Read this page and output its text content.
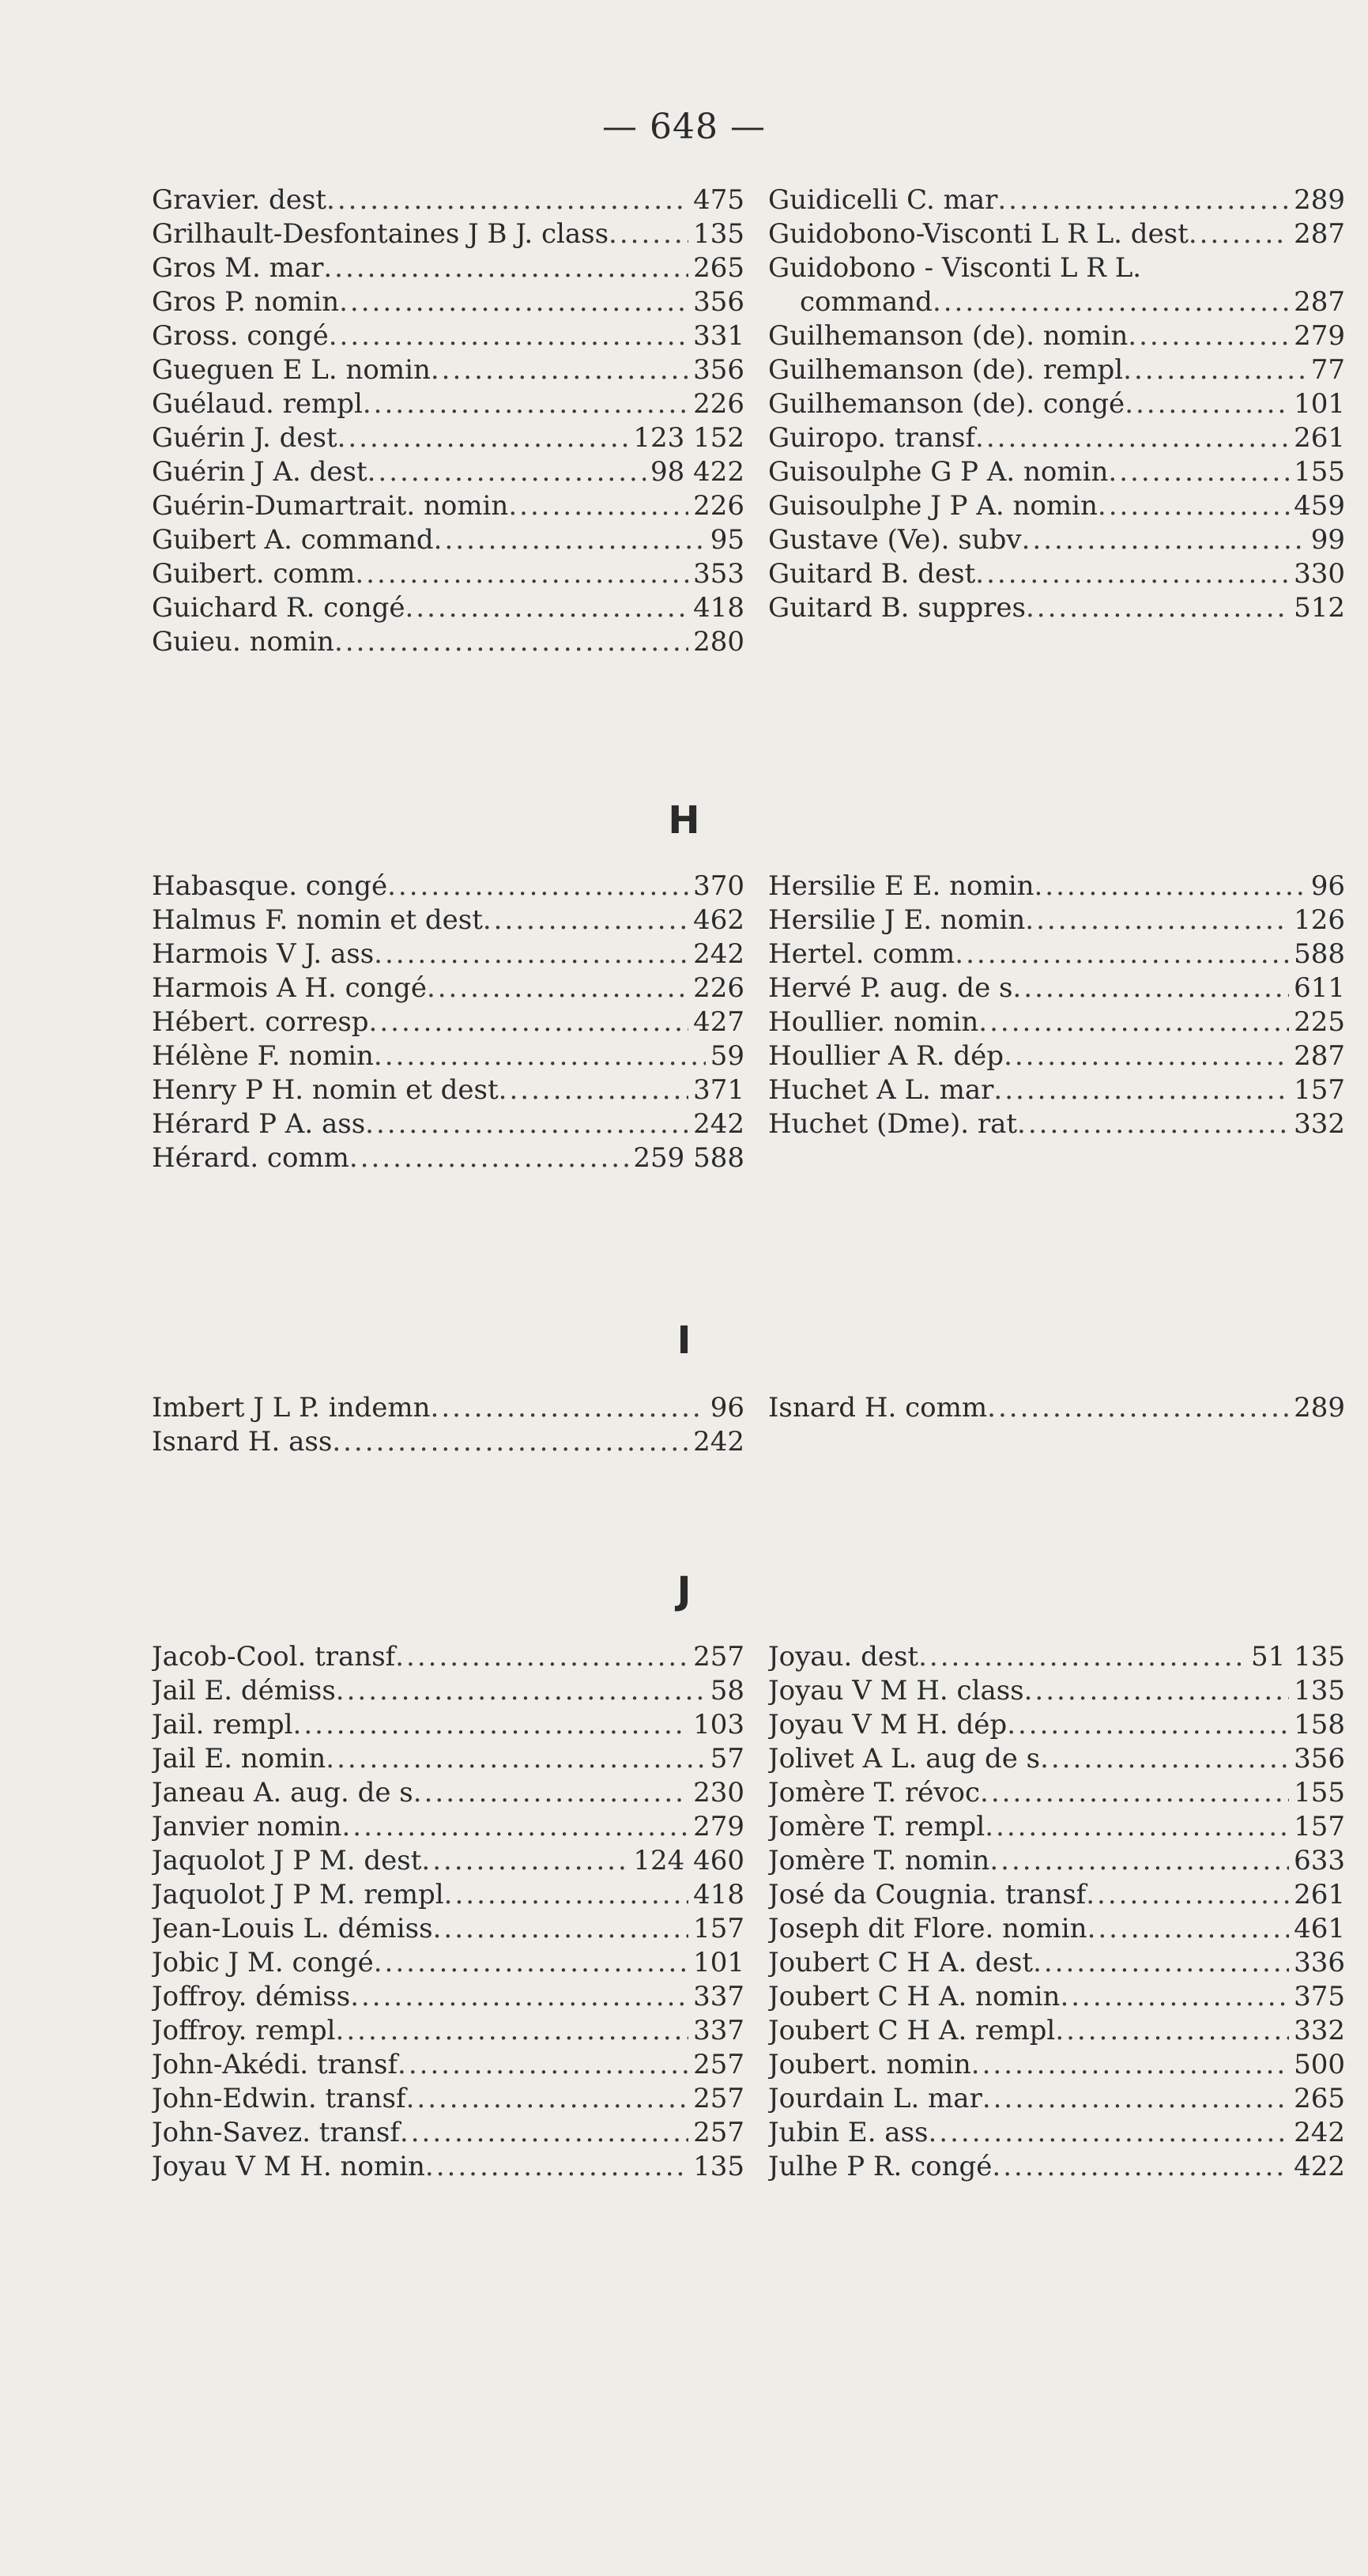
— 648 —
Gravier. dest .....	475
Grilhault-Desfontaines J B J. class .....	135
Gros M. mar .....	265
Gros P. nomin .....	356
Gross. congé .....	331
Gueguen E L. nomin .....	356
Guélaud. rempl .....	226
Guérin J. dest .....	123 152
Guérin J A. dest .....	98 422
Guérin-Dumartrait. nomin .....	226
Guibert A. command .....	95
Guibert. comm .....	353
Guichard R. congé .....	418
Guieu. nomin .....	280
Guidicelli C. mar .....	289
Guidobono-Visconti L R L. dest .....	287
Guidobono - Visconti L R L.
command .....	287
Guilhemanson (de). nomin .....	279
Guilhemanson (de). rempl .....	77
Guilhemanson (de). congé .....	101
Guiropo. transf .....	261
Guisoulphe G P A. nomin .....	155
Guisoulphe J P A. nomin .....	459
Gustave (Ve). subv .....	99
Guitard B. dest .....	330
Guitard B. suppres .....	512
H
Habasque. congé .....	370
Halmus F. nomin et dest .....	462
Harmois V J. ass .....	242
Harmois A H. congé .....	226
Hébert. corresp .....	427
Hélène F. nomin .....	59
Henry P H. nomin et dest .....	371
Hérard P A. ass .....	242
Hérard. comm .....	259 588
Hersilie E E. nomin .....	96
Hersilie J E. nomin .....	126
Hertel. comm .....	588
Hervé P. aug. de s .....	611
Houllier. nomin .....	225
Houllier A R. dép .....	287
Huchet A L. mar .....	157
Huchet (Dme). rat .....	332
I
Imbert J L P. indemn .....	96
Isnard H. ass .....	242
Isnard H. comm .....	289
J
Jacob-Cool. transf .....	257
Jail E. démiss .....	58
Jail. rempl .....	103
Jail E. nomin .....	57
Janeau A. aug. de s .....	230
Janvier nomin .....	279
Jaquolot J P M. dest .....	124 460
Jaquolot J P M. rempl .....	418
Jean-Louis L. démiss .....	157
Jobic J M. congé .....	101
Joffroy. démiss .....	337
Joffroy. rempl .....	337
John-Akédi. transf .....	257
John-Edwin. transf .....	257
John-Savez. transf .....	257
Joyau V M H. nomin .....	135
Joyau. dest .....	51 135
Joyau V M H. class .....	135
Joyau V M H. dép .....	158
Jolivet A L. aug de s .....	356
Jomère T. révoc .....	155
Jomère T. rempl .....	157
Jomère T. nomin .....	633
José da Cougnia. transf .....	261
Joseph dit Flore. nomin .....	461
Joubert C H A. dest .....	336
Joubert C H A. nomin .....	375
Joubert C H A. rempl .....	332
Joubert. nomin .....	500
Jourdain L. mar .....	265
Jubin E. ass .....	242
Julhe P R. congé .....	422
